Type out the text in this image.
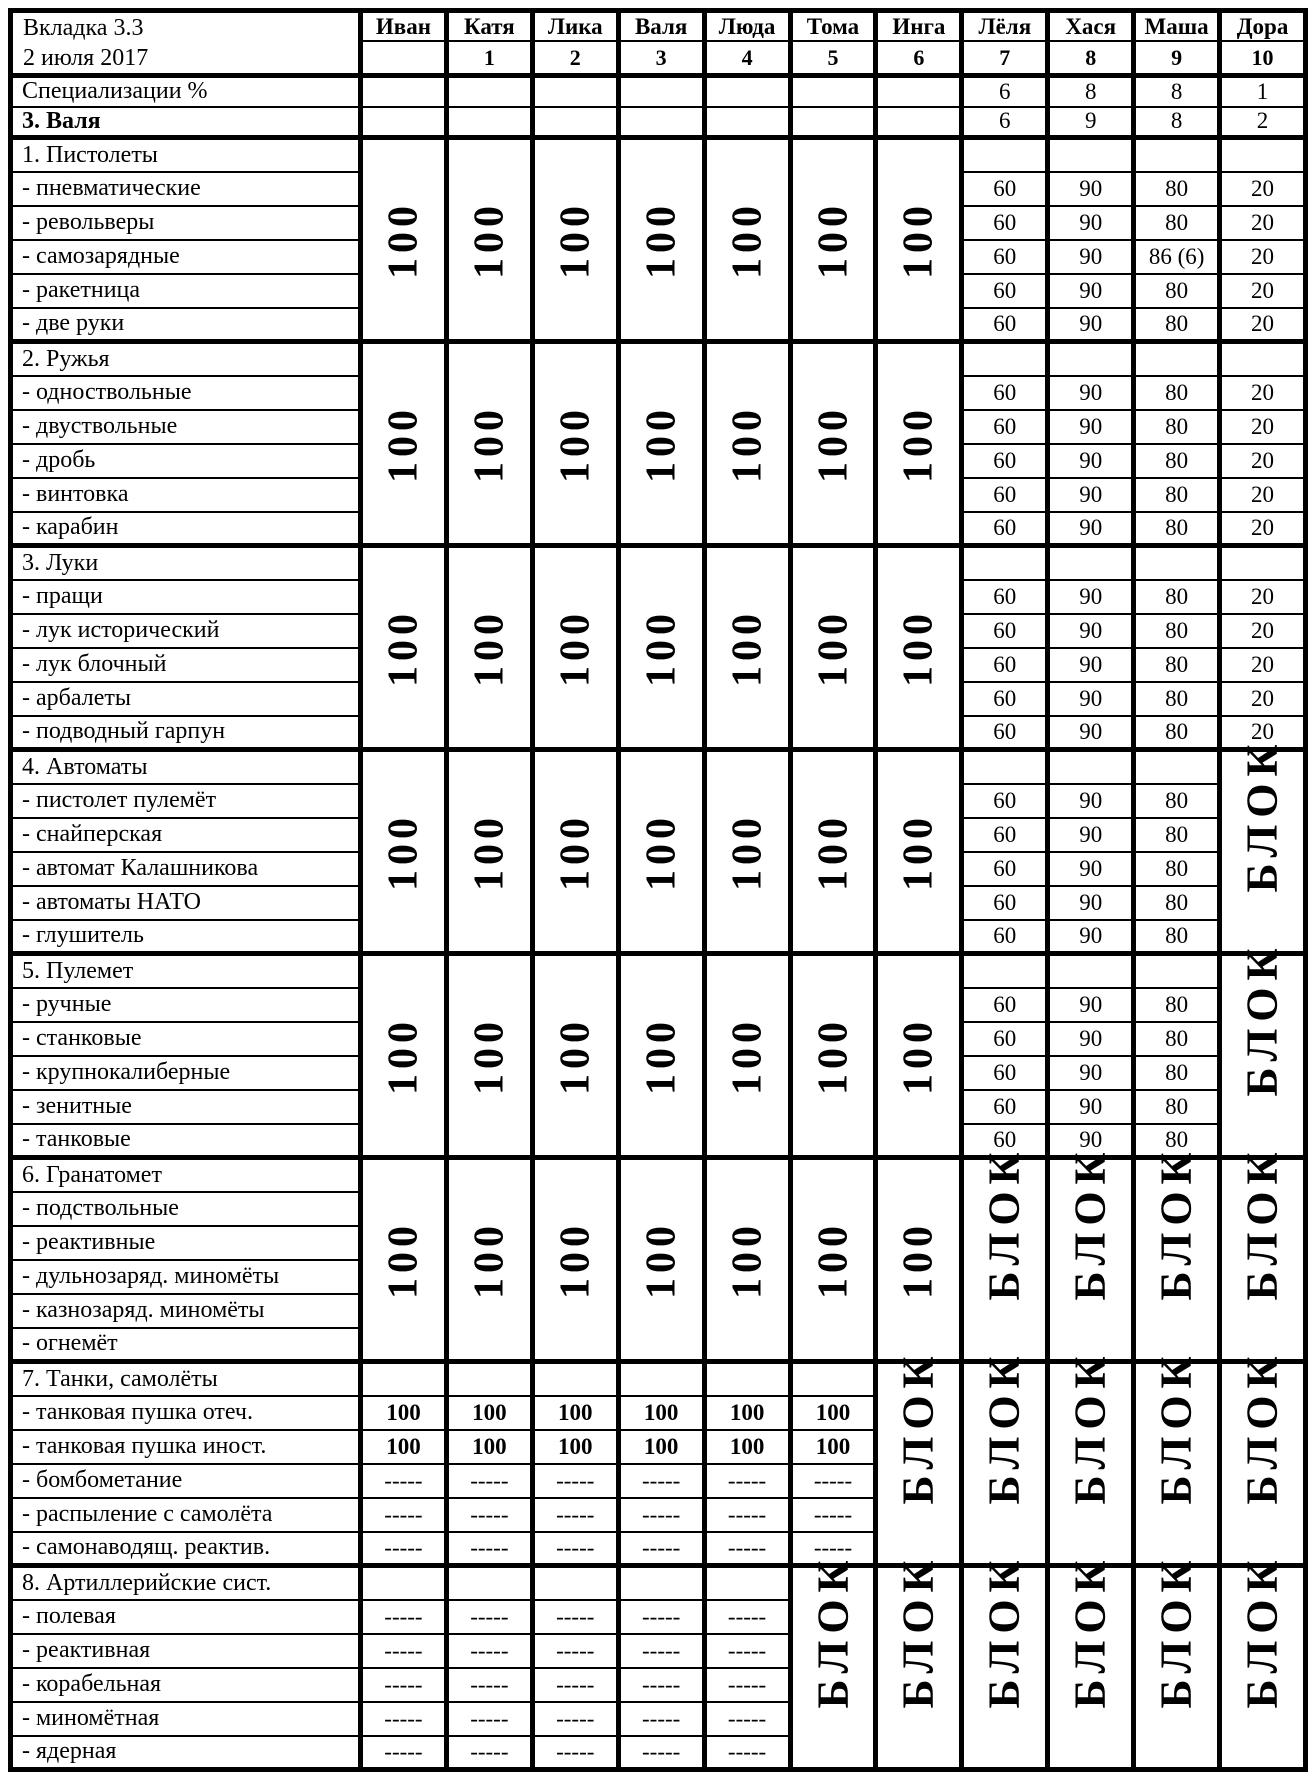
Вкладка 3.3
2 июля 2017	Иван	Катя	Лика	Валя	Люда	Тома	Инга	Лёля	Хася	Маша	Дора
		1	2	3	4	5	6	7	8	9	10
Специализации %								6	8	8	1
3. Валя								6	9	8	2
1. Пистолеты	100	100	100	100	100	100	100				

- пневматические								60	90	80	20
- револьверы								60	90	80	20
- самозарядные								60	90	86 (6)	20
- ракетница								60	90	80	20
- две руки								60	90	80	20
2. Ружья	100	100	100	100	100	100	100				

- одноствольные								60	90	80	20
- двуствольные								60	90	80	20
- дробь								60	90	80	20
- винтовка								60	90	80	20
- карабин								60	90	80	20
3. Луки	100	100	100	100	100	100	100				

- пращи								60	90	80	20
- лук исторический								60	90	80	20
- лук блочный								60	90	80	20
- арбалеты								60	90	80	20
- подводный гарпун								60	90	80	20
4. Автоматы	100	100	100	100	100	100	100				БЛОК

- пистолет пулемёт								60	90	80	
- снайперская								60	90	80	
- автомат Калашникова								60	90	80	
- автоматы НАТО								60	90	80	
- глушитель								60	90	80	
5. Пулемет	100	100	100	100	100	100	100				БЛОК

- ручные								60	90	80	
- станковые								60	90	80	
- крупнокалиберные								60	90	80	
- зенитные								60	90	80	
- танковые								60	90	80	
6. Гранатомет	100	100	100	100	100	100	100	БЛОК	БЛОК	БЛОК	БЛОК

- подствольные											
- реактивные											
- дульнозаряд. миномёты											
- казнозаряд. миномёты											
- огнемёт											
7. Танки, самолёты							БЛОК	БЛОК	БЛОК	БЛОК	БЛОК

- танковая пушка отеч.	100	100	100	100	100	100					
- танковая пушка иност.	100	100	100	100	100	100					
- бомбометание	-----	-----	-----	-----	-----	-----					
- распыление с самолёта	-----	-----	-----	-----	-----	-----					
- самонаводящ. реактив.	-----	-----	-----	-----	-----	-----					
8. Артиллерийские сист.						БЛОК	БЛОК	БЛОК	БЛОК	БЛОК	БЛОК

- полевая	-----	-----	-----	-----	-----						
- реактивная	-----	-----	-----	-----	-----						
- корабельная	-----	-----	-----	-----	-----						
- миномётная	-----	-----	-----	-----	-----						
- ядерная	-----	-----	-----	-----	-----						
